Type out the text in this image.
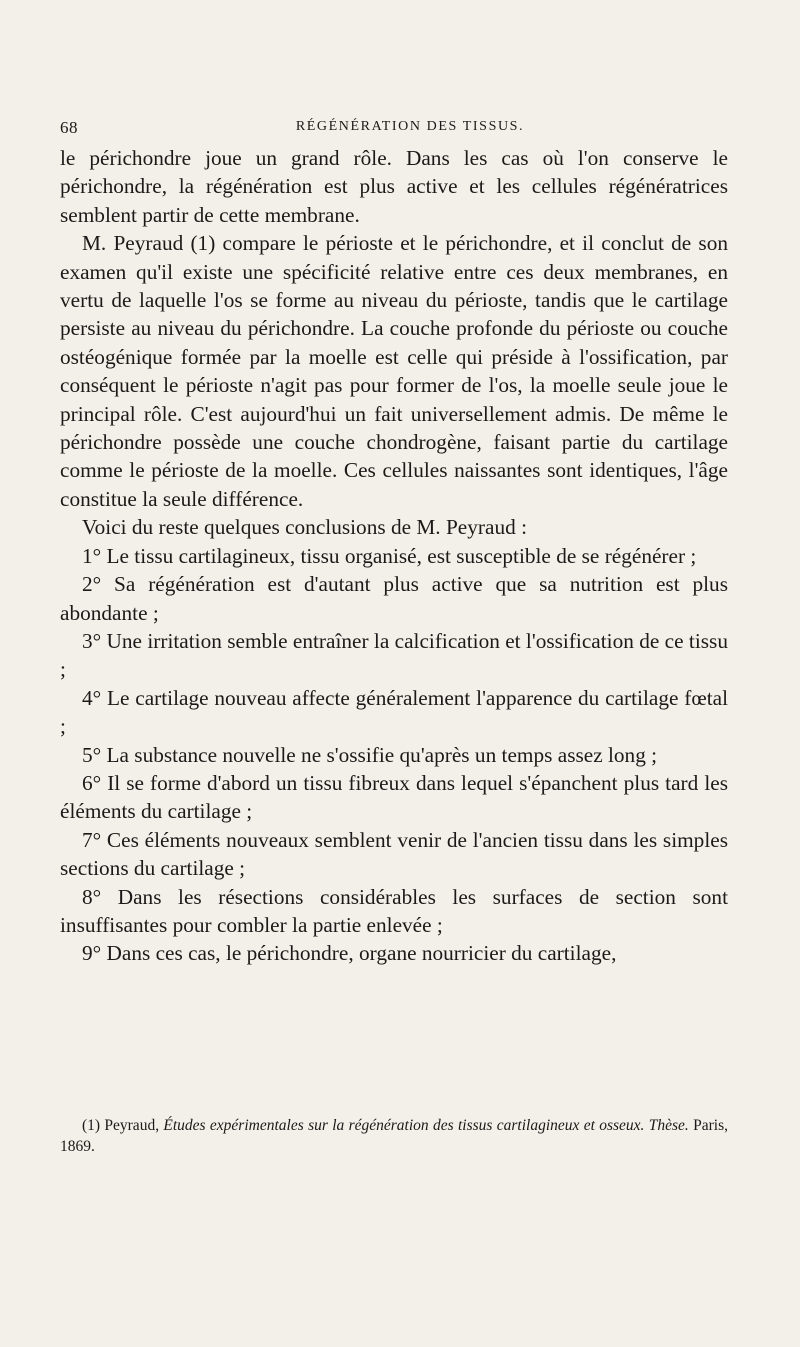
68	RÉGÉNÉRATION DES TISSUS.

le périchondre joue un grand rôle. Dans les cas où l'on conserve le périchondre, la régénération est plus active et les cellules régénératrices semblent partir de cette membrane.

M. Peyraud (1) compare le périoste et le périchondre, et il conclut de son examen qu'il existe une spécificité relative entre ces deux membranes, en vertu de laquelle l'os se forme au niveau du périoste, tandis que le cartilage persiste au niveau du périchondre. La couche profonde du périoste ou couche ostéogénique formée par la moelle est celle qui préside à l'ossification, par conséquent le périoste n'agit pas pour former de l'os, la moelle seule joue le principal rôle. C'est aujourd'hui un fait universellement admis. De même le périchondre possède une couche chondrogène, faisant partie du cartilage comme le périoste de la moelle. Ces cellules naissantes sont identiques, l'âge constitue la seule différence.

Voici du reste quelques conclusions de M. Peyraud :

1° Le tissu cartilagineux, tissu organisé, est susceptible de se régénérer ;

2° Sa régénération est d'autant plus active que sa nutrition est plus abondante ;

3° Une irritation semble entraîner la calcification et l'ossification de ce tissu ;

4° Le cartilage nouveau affecte généralement l'apparence du cartilage fœtal ;

5° La substance nouvelle ne s'ossifie qu'après un temps assez long ;

6° Il se forme d'abord un tissu fibreux dans lequel s'épanchent plus tard les éléments du cartilage ;

7° Ces éléments nouveaux semblent venir de l'ancien tissu dans les simples sections du cartilage ;

8° Dans les résections considérables les surfaces de section sont insuffisantes pour combler la partie enlevée ;

9° Dans ces cas, le périchondre, organe nourricier du cartilage,

(1) Peyraud, Études expérimentales sur la régénération des tissus cartilagineux et osseux. Thèse. Paris, 1869.
